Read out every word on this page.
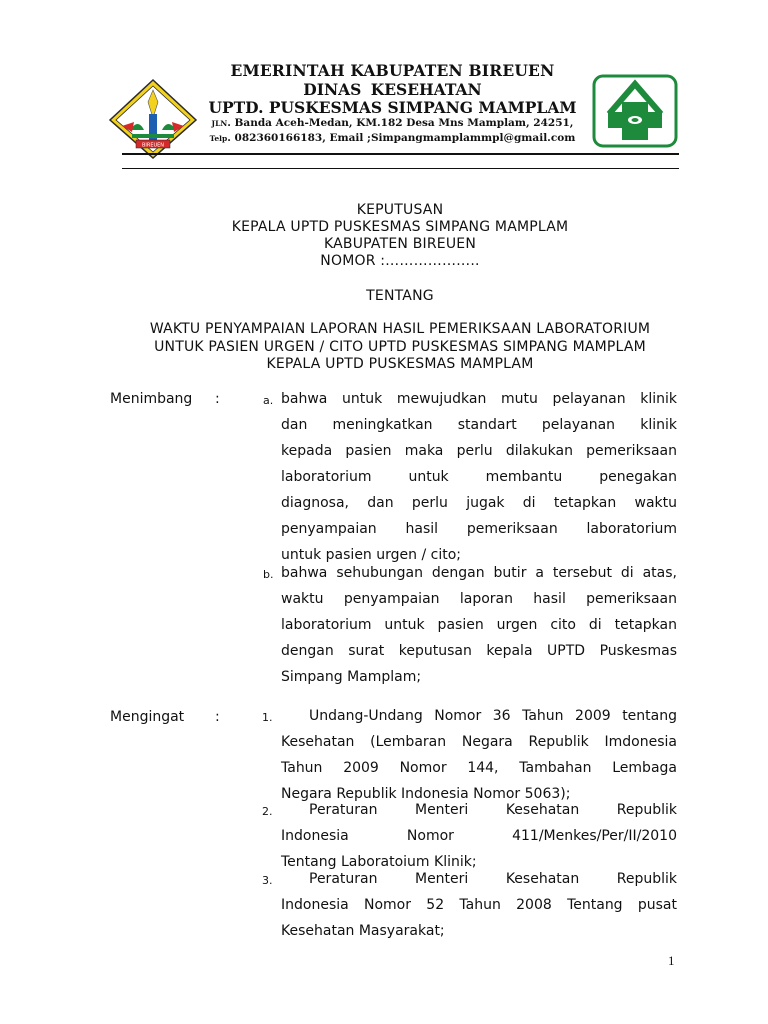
BIREUEN
EMERINTAH KABUPATEN BIREUEN
DINAS KESEHATAN
UPTD. PUSKESMAS SIMPANG MAMPLAM
JLN. Banda Aceh-Medan, KM.182 Desa Mns Mamplam, 24251,
Telp. 082360166183, Email ;Simpangmamplammpl@gmail.com
KEPUTUSAN
KEPALA UPTD PUSKESMAS SIMPANG MAMPLAM
KABUPATEN BIREUEN
NOMOR :………………..
TENTANG
WAKTU PENYAMPAIAN LAPORAN HASIL PEMERIKSAAN LABORATORIUM
UNTUK PASIEN URGEN / CITO UPTD PUSKESMAS SIMPANG MAMPLAM
KEPALA UPTD PUSKESMAS MAMPLAM
Menimbang :	a. bahwa untuk mewujudkan mutu pelayanan klinik
dan meningkatkan standart pelayanan klinik
kepada pasien maka perlu dilakukan pemeriksaan
laboratorium untuk membantu penegakan
diagnosa, dan perlu jugak di tetapkan waktu
penyampaian hasil pemeriksaan laboratorium
untuk pasien urgen / cito;
b. bahwa sehubungan dengan butir a tersebut di atas,
waktu penyampaian laporan hasil pemeriksaan
laboratorium untuk pasien urgen cito di tetapkan
dengan surat keputusan kepala UPTD Puskesmas
Simpang Mamplam;
Mengingat :	1.	Undang-Undang Nomor 36 Tahun 2009 tentang
Kesehatan (Lembaran Negara Republik Imdonesia
Tahun 2009 Nomor 144, Tambahan Lembaga
Negara Republik Indonesia Nomor 5063);
2.	Peraturan Menteri Kesehatan Republik
Indonesia Nomor 411/Menkes/Per/II/2010
Tentang Laboratoium Klinik;
3.	Peraturan Menteri Kesehatan Republik
Indonesia Nomor 52 Tahun 2008 Tentang pusat
Kesehatan Masyarakat;
1
